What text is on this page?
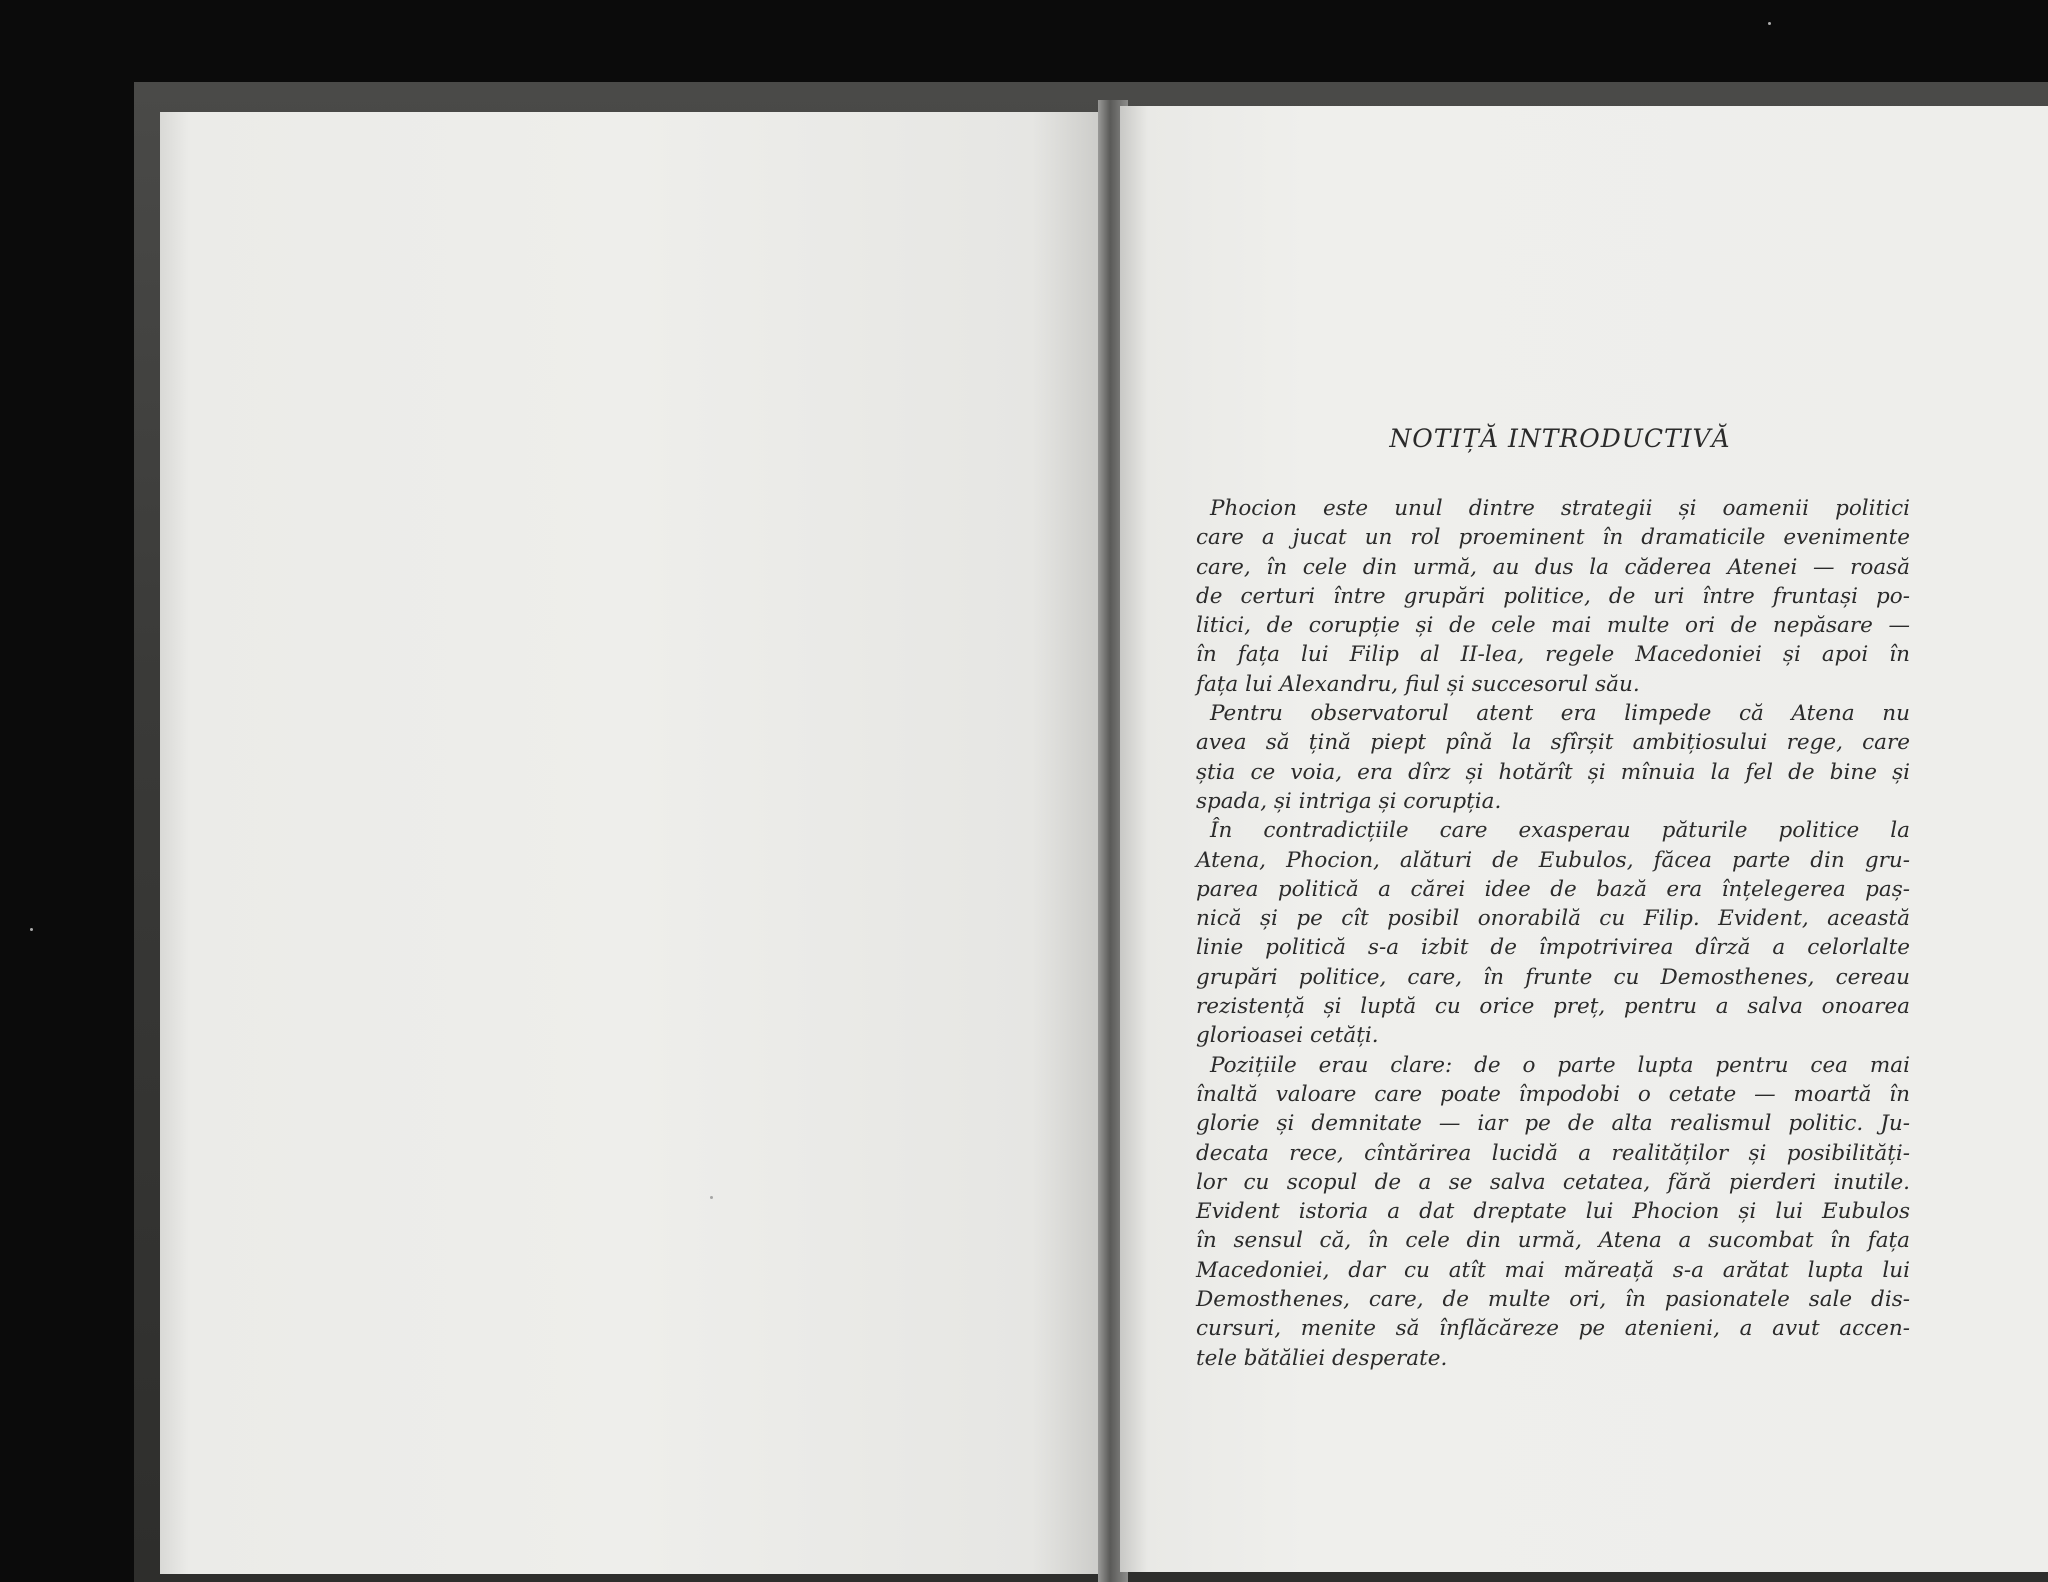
NOTIȚĂ INTRODUCTIVĂ
Phocion este unul dintre strategii și oamenii politici
care a jucat un rol proeminent în dramaticile evenimente
care, în cele din urmă, au dus la căderea Atenei — roasă
de certuri între grupări politice, de uri între fruntași po-
litici, de corupție și de cele mai multe ori de nepăsare —
în fața lui Filip al II-lea, regele Macedoniei și apoi în
fața lui Alexandru, fiul și succesorul său.
Pentru observatorul atent era limpede că Atena nu
avea să țină piept pînă la sfîrșit ambițiosului rege, care
știa ce voia, era dîrz și hotărît și mînuia la fel de bine și
spada, și intriga și corupția.
În contradicțiile care exasperau păturile politice la
Atena, Phocion, alături de Eubulos, făcea parte din gru-
parea politică a cărei idee de bază era înțelegerea paș-
nică și pe cît posibil onorabilă cu Filip. Evident, această
linie politică s-a izbit de împotrivirea dîrză a celorlalte
grupări politice, care, în frunte cu Demosthenes, cereau
rezistență și luptă cu orice preț, pentru a salva onoarea
glorioasei cetăți.
Pozițiile erau clare: de o parte lupta pentru cea mai
înaltă valoare care poate împodobi o cetate — moartă în
glorie și demnitate — iar pe de alta realismul politic. Ju-
decata rece, cîntărirea lucidă a realităților și posibilități-
lor cu scopul de a se salva cetatea, fără pierderi inutile.
Evident istoria a dat dreptate lui Phocion și lui Eubulos
în sensul că, în cele din urmă, Atena a sucombat în fața
Macedoniei, dar cu atît mai măreață s-a arătat lupta lui
Demosthenes, care, de multe ori, în pasionatele sale dis-
cursuri, menite să înflăcăreze pe atenieni, a avut accen-
tele bătăliei desperate.
